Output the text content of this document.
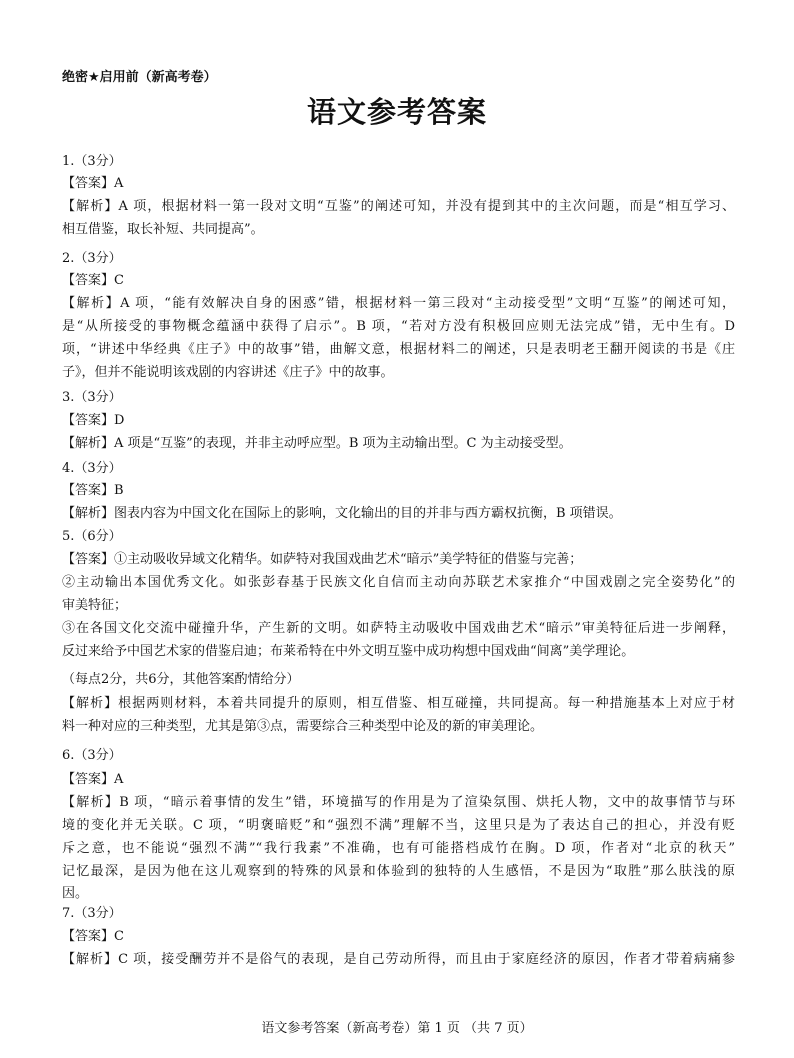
绝密★启用前（新高考卷）
语文参考答案
1.（3分）
【答案】A
【解析】A 项，根据材料一第一段对文明“互鉴”的阐述可知，并没有提到其中的主次问题，而是“相互学习、
相互借鉴，取长补短、共同提高”。
2.（3分）
【答案】C
【解析】A 项，“能有效解决自身的困惑”错，根据材料一第三段对“主动接受型”文明“互鉴”的阐述可知，
是“从所接受的事物概念蕴涵中获得了启示”。B 项，“若对方没有积极回应则无法完成”错，无中生有。D
项，“讲述中华经典《庄子》中的故事”错，曲解文意，根据材料二的阐述，只是表明老王翻开阅读的书是《庄
子》，但并不能说明该戏剧的内容讲述《庄子》中的故事。
3.（3分）
【答案】D
【解析】A 项是“互鉴”的表现，并非主动呼应型。B 项为主动输出型。C 为主动接受型。
4.（3分）
【答案】B
【解析】图表内容为中国文化在国际上的影响，文化输出的目的并非与西方霸权抗衡，B 项错误。
5.（6分）
【答案】①主动吸收异域文化精华。如萨特对我国戏曲艺术“暗示”美学特征的借鉴与完善；
②主动输出本国优秀文化。如张彭春基于民族文化自信而主动向苏联艺术家推介“中国戏剧之完全姿势化”的
审美特征；
③在各国文化交流中碰撞升华，产生新的文明。如萨特主动吸收中国戏曲艺术“暗示”审美特征后进一步阐释，
反过来给予中国艺术家的借鉴启迪；布莱希特在中外文明互鉴中成功构想中国戏曲“间离”美学理论。
（每点2分，共6分，其他答案酌情给分）
【解析】根据两则材料，本着共同提升的原则，相互借鉴、相互碰撞，共同提高。每一种措施基本上对应于材
料一种对应的三种类型，尤其是第③点，需要综合三种类型中论及的新的审美理论。
6.（3分）
【答案】A
【解析】B 项，“暗示着事情的发生”错，环境描写的作用是为了渲染氛围、烘托人物，文中的故事情节与环
境的变化并无关联。C 项，“明褒暗贬”和“强烈不满”理解不当，这里只是为了表达自己的担心，并没有贬
斥之意，也不能说“强烈不满”“我行我素”不准确，也有可能搭档成竹在胸。D 项，作者对“北京的秋天”
记忆最深，是因为他在这儿观察到的特殊的风景和体验到的独特的人生感悟，不是因为“取胜”那么肤浅的原
因。
7.（3分）
【答案】C
【解析】C 项，接受酬劳并不是俗气的表现，是自己劳动所得，而且由于家庭经济的原因，作者才带着病痛参
语文参考答案（新高考卷）第 1 页 （共 7 页）
